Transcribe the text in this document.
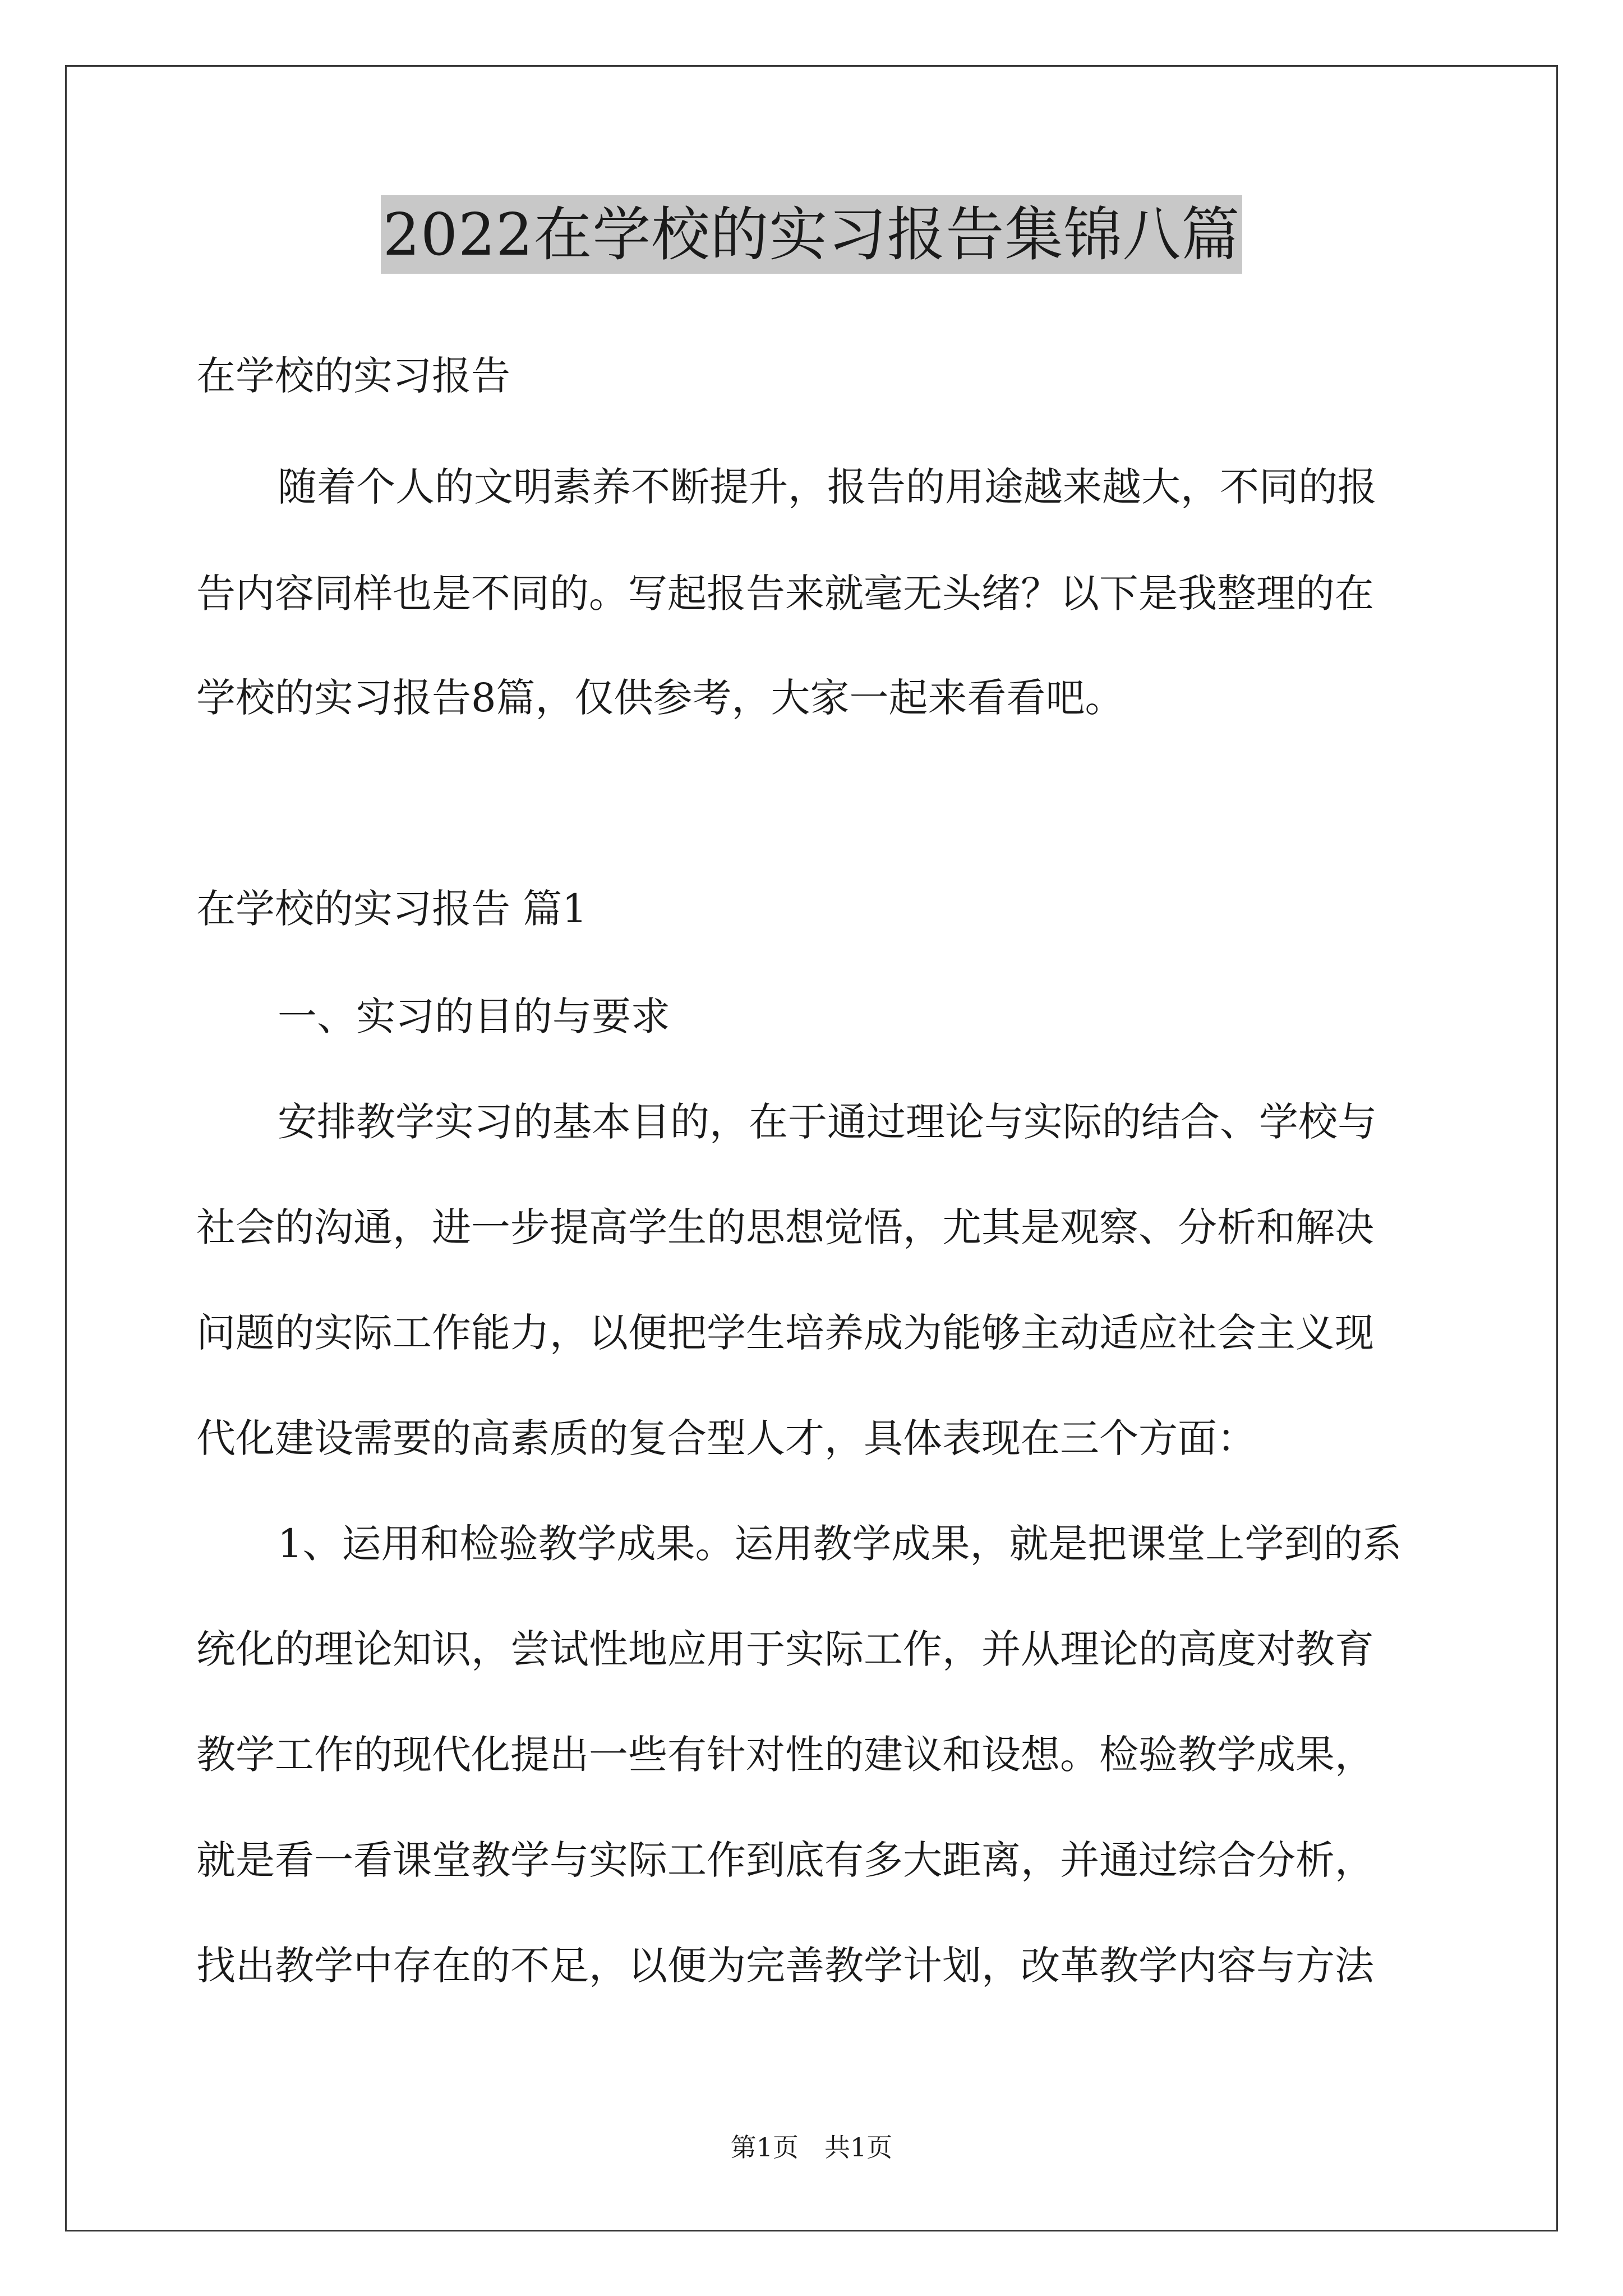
2022在学校的实习报告集锦八篇
在学校的实习报告
随着个人的文明素养不断提升，报告的用途越来越大，不同的报
告内容同样也是不同的。写起报告来就毫无头绪？以下是我整理的在
学校的实习报告8篇，仅供参考，大家一起来看看吧。
在学校的实习报告 篇1
一、实习的目的与要求
安排教学实习的基本目的，在于通过理论与实际的结合、学校与
社会的沟通，进一步提高学生的思想觉悟，尤其是观察、分析和解决
问题的实际工作能力，以便把学生培养成为能够主动适应社会主义现
代化建设需要的高素质的复合型人才，具体表现在三个方面：
1、运用和检验教学成果。运用教学成果，就是把课堂上学到的系
统化的理论知识，尝试性地应用于实际工作，并从理论的高度对教育
教学工作的现代化提出一些有针对性的建议和设想。检验教学成果，
就是看一看课堂教学与实际工作到底有多大距离，并通过综合分析，
找出教学中存在的不足，以便为完善教学计划，改革教学内容与方法
第1页　共1页
